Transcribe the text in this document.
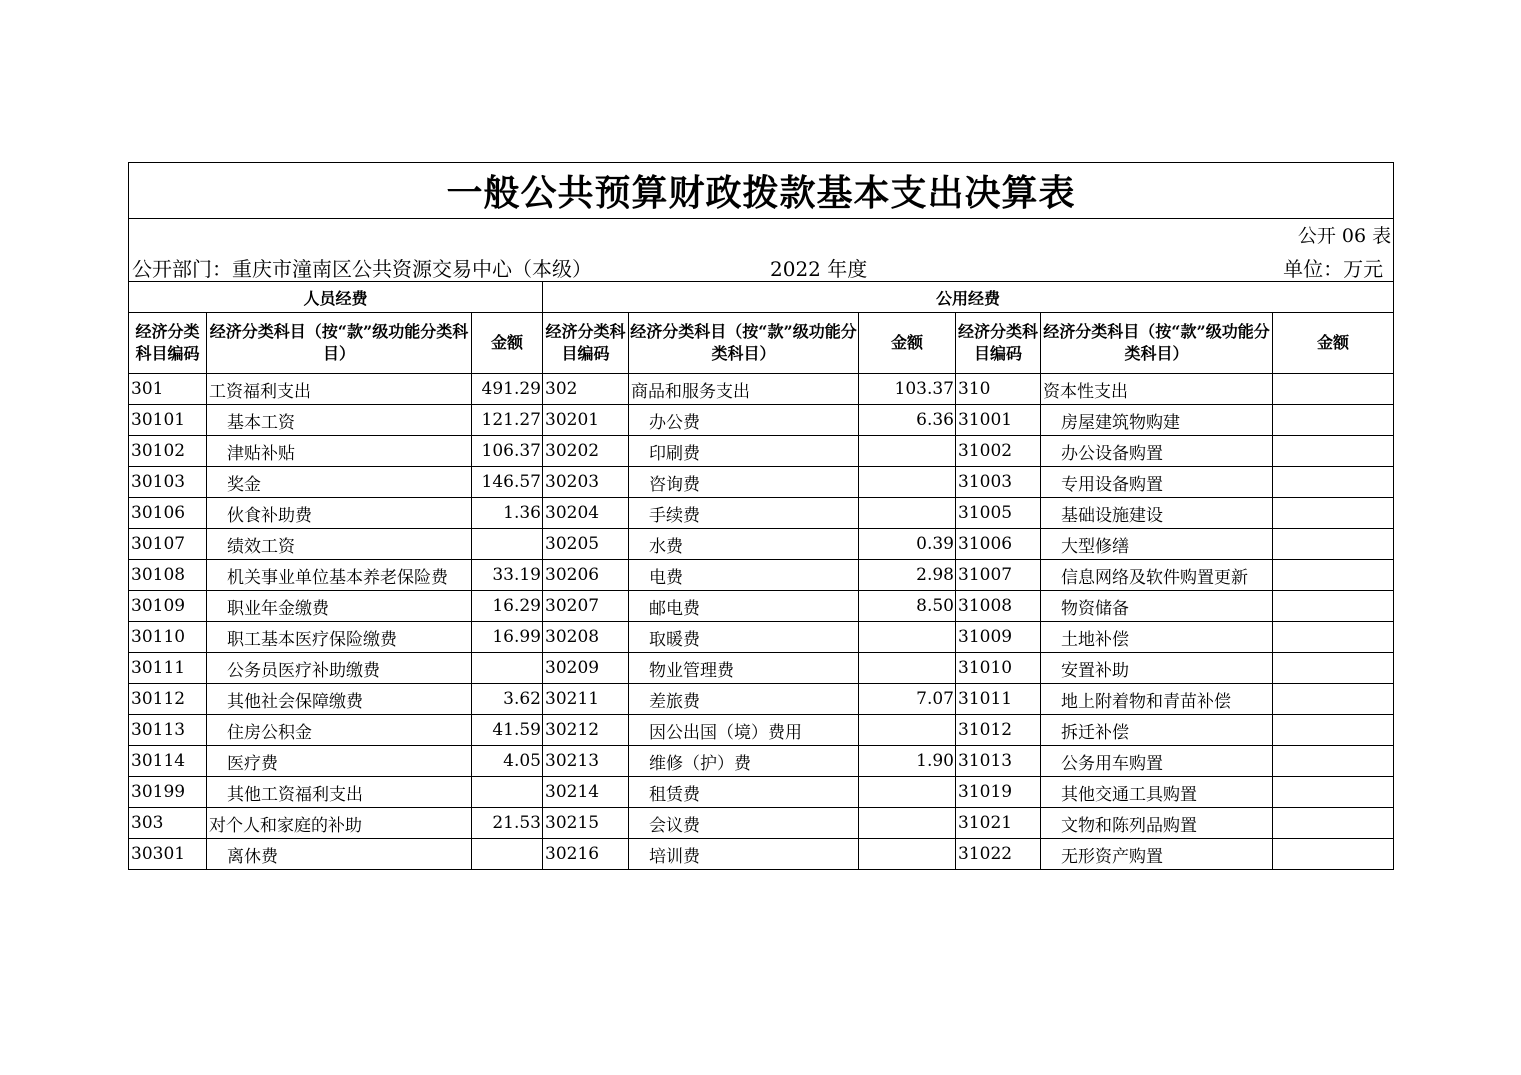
一般公共预算财政拨款基本支出决算表								
公开 06 表								

公开部门：重庆市潼南区公共资源交易中心（本级） 2022 年度 单位：万元								

人员经费			公用经费					
经济分类科目编码	经济分类科目（按“款”级功能分类科目）	金额	经济分类科目编码	经济分类科目（按“款”级功能分类科目）	金额	经济分类科目编码	经济分类科目（按“款”级功能分类科目）	金额
301	工资福利支出	491.29	302	商品和服务支出	103.37	310	资本性支出	
30101	基本工资	121.27	30201	办公费	6.36	31001	房屋建筑物购建	
30102	津贴补贴	106.37	30202	印刷费		31002	办公设备购置	
30103	奖金	146.57	30203	咨询费		31003	专用设备购置	
30106	伙食补助费	1.36	30204	手续费		31005	基础设施建设	
30107	绩效工资		30205	水费	0.39	31006	大型修缮	
30108	机关事业单位基本养老保险费	33.19	30206	电费	2.98	31007	信息网络及软件购置更新	
30109	职业年金缴费	16.29	30207	邮电费	8.50	31008	物资储备	
30110	职工基本医疗保险缴费	16.99	30208	取暖费		31009	土地补偿	
30111	公务员医疗补助缴费		30209	物业管理费		31010	安置补助	
30112	其他社会保障缴费	3.62	30211	差旅费	7.07	31011	地上附着物和青苗补偿	
30113	住房公积金	41.59	30212	因公出国（境）费用		31012	拆迁补偿	
30114	医疗费	4.05	30213	维修（护）费	1.90	31013	公务用车购置	
30199	其他工资福利支出		30214	租赁费		31019	其他交通工具购置	
303	对个人和家庭的补助	21.53	30215	会议费		31021	文物和陈列品购置	
30301	离休费		30216	培训费		31022	无形资产购置	
